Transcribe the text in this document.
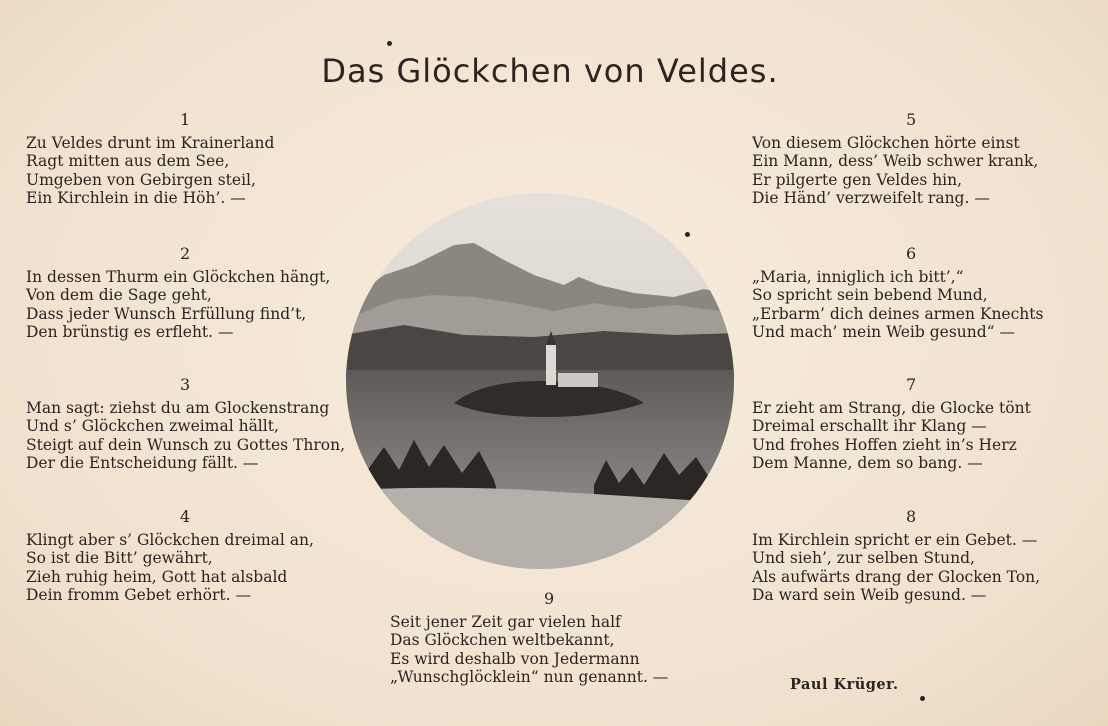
Das Glöckchen von Veldes.
1
Zu Veldes drunt im Krainerland
Ragt mitten aus dem See,
Umgeben von Gebirgen steil,
Ein Kirchlein in die Höh’. —
2
In dessen Thurm ein Glöckchen hängt,
Von dem die Sage geht,
Dass jeder Wunsch Erfüllung find’t,
Den brünstig es erfleht. —
3
Man sagt: ziehst du am Glockenstrang
Und s’ Glöckchen zweimal hällt,
Steigt auf dein Wunsch zu Gottes Thron,
Der die Entscheidung fällt. —
4
Klingt aber s’ Glöckchen dreimal an,
So ist die Bitt’ gewährt,
Zieh ruhig heim, Gott hat alsbald
Dein fromm Gebet erhört. —
5
Von diesem Glöckchen hörte einst
Ein Mann, dess’ Weib schwer krank,
Er pilgerte gen Veldes hin,
Die Händ’ verzweifelt rang. —
6
„Maria, inniglich ich bitt’,“
So spricht sein bebend Mund,
„Erbarm’ dich deines armen Knechts
Und mach’ mein Weib gesund“ —
7
Er zieht am Strang, die Glocke tönt
Dreimal erschallt ihr Klang —
Und frohes Hoffen zieht in’s Herz
Dem Manne, dem so bang. —
8
Im Kirchlein spricht er ein Gebet. —
Und sieh’, zur selben Stund,
Als aufwärts drang der Glocken Ton,
Da ward sein Weib gesund. —
9
Seit jener Zeit gar vielen half
Das Glöckchen weltbekannt,
Es wird deshalb von Jedermann
„Wunschglöcklein“ nun genannt. —	Paul Krüger.
